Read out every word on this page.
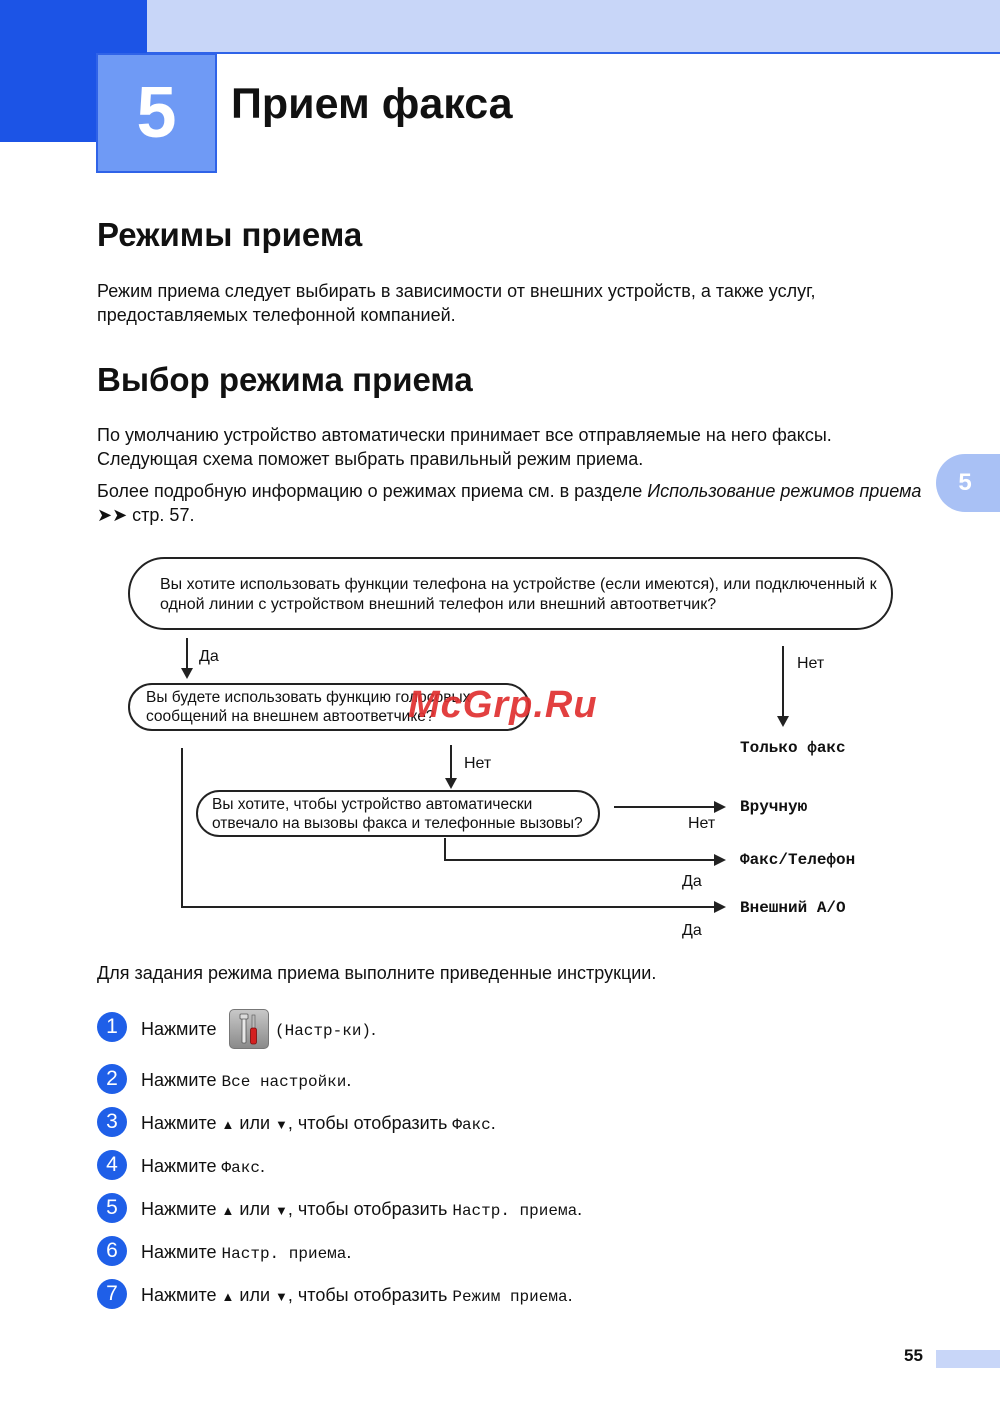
5	Прием факса
5
Режимы приема
Режим приема следует выбирать в зависимости от внешних устройств, а также услуг, предоставляемых телефонной компанией.
Выбор режима приема
По умолчанию устройство автоматически принимает все отправляемые на него факсы. Следующая схема поможет выбрать правильный режим приема.
Более подробную информацию о режимах приема см. в разделе Использование режимов приема ➤➤ стр. 57.
Вы хотите использовать функции телефона на устройстве (если имеются), или подключенный к одной линии с устройством внешний телефон или внешний автоответчик?
Да	Нет
Только факс
Вы будете использовать функцию голосовых сообщений на внешнем автоответчике?
Нет
Вы хотите, чтобы устройство автоматически отвечало на вызовы факса и телефонные вызовы?	Нет
Вручную
Да
Факс/Телефон
Да
Внешний А/О
McGrp.Ru
Для задания режима приема выполните приведенные инструкции.
1	Нажмите	(Настр-ки).
2	Нажмите Все настройки.
3	Нажмите ▲ или ▼, чтобы отобразить Факс.
4	Нажмите Факс.
5	Нажмите ▲ или ▼, чтобы отобразить Настр. приема.
6	Нажмите Настр. приема.
7	Нажмите ▲ или ▼, чтобы отобразить Режим приема.
55
